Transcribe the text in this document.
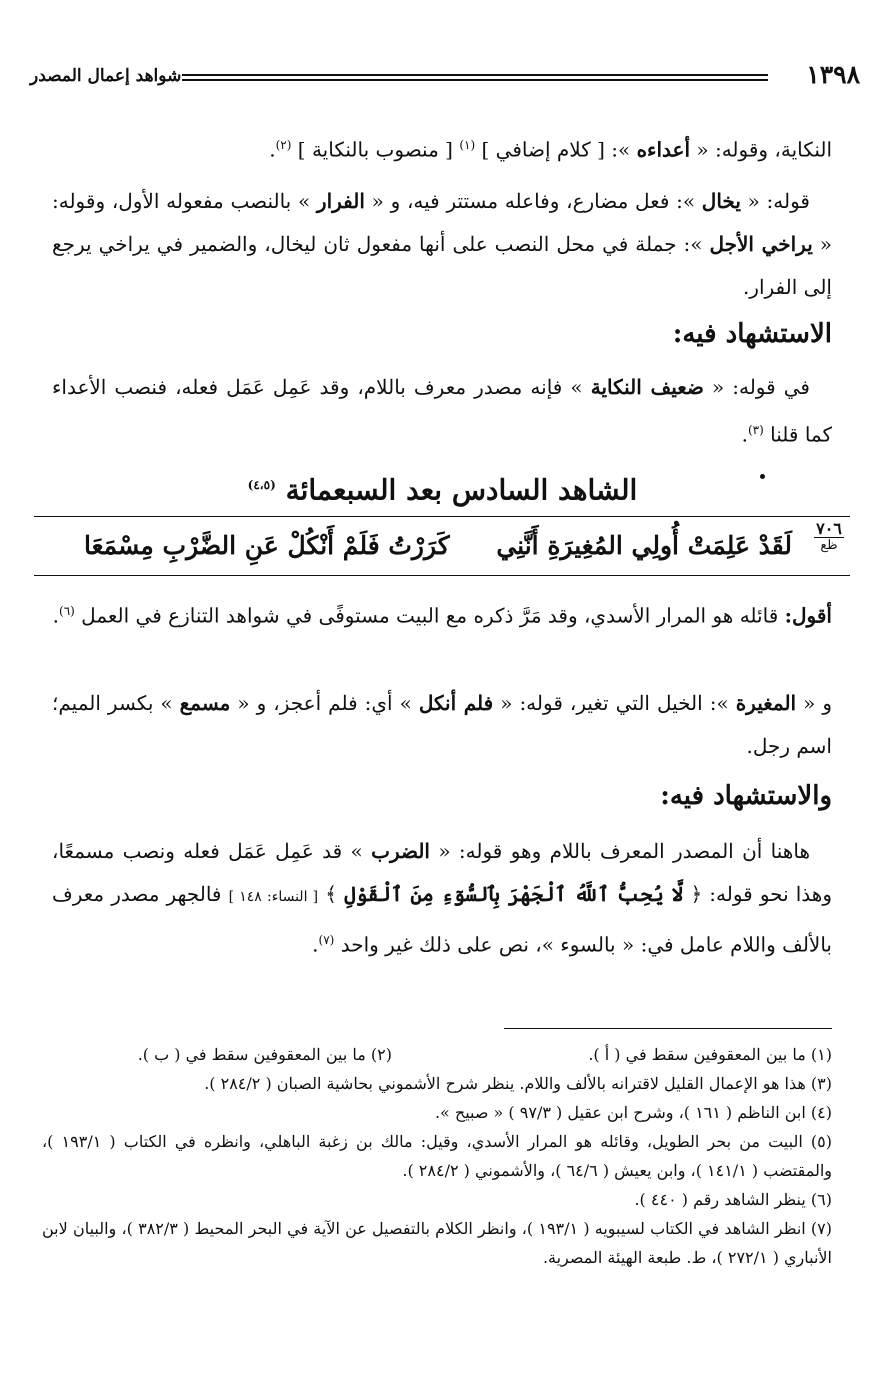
١٣٩٨
شواهد إعمال المصدر

النكاية، وقوله: « أعداءه »: [ كلام إضافي ] $^{(١)}$ [ منصوب بالنكاية ] $^{(٢)}$.

قوله: « يخال »: فعل مضارع، وفاعله مستتر فيه، و « الفرار » بالنصب مفعوله الأول، وقوله: « يراخي الأجل »: جملة في محل النصب على أنها مفعول ثان ليخال، والضمير في يراخي يرجع إلى الفرار.

الاستشهاد فيه:

في قوله: « ضعيف النكاية » فإنه مصدر معرف باللام، وقد عَمِل عَمَل فعله، فنصب الأعداء كما قلنا $^{(٣)}$.

الشاهد السادس بعد السبعمائة $^{(٤،٥)}$
٧٠٦
ظع
لَقَدْ عَلِمَتْ أُولِي المُغِيرَةِ أَنَّنِي
كَرَرْتُ فَلَمْ أَنْكُلْ عَنِ الضَّرْبِ مِسْمَعَا

أقول: قائله هو المرار الأسدي، وقد مَرَّ ذكره مع البيت مستوفًى في شواهد التنازع في العمل $^{(٦)}$.

و « المغيرة »: الخيل التي تغير، قوله: « فلم أنكل » أي: فلم أعجز، و « مسمع » بكسر الميم؛ اسم رجل.

والاستشهاد فيه:

هاهنا أن المصدر المعرف باللام وهو قوله: « الضرب » قد عَمِل عَمَل فعله ونصب مسمعًا، وهذا نحو قوله: ﴿ لَّا يُحِبُّ ٱللَّهُ ٱلْجَهْرَ بِٱلسُّوٓءِ مِنَ ٱلْقَوْلِ ﴾ [ النساء: ١٤٨ ] فالجهر مصدر معرف بالألف واللام عامل في: « بالسوء »، نص على ذلك غير واحد $^{(٧)}$.

(١) ما بين المعقوفين سقط في ( أ ).
(٢) ما بين المعقوفين سقط في ( ب ).
(٣) هذا هو الإعمال القليل لاقترانه بالألف واللام. ينظر شرح الأشموني بحاشية الصبان ( ٢٨٤/٢ ).
(٤) ابن الناظم ( ١٦١ )، وشرح ابن عقيل ( ٩٧/٣ ) « صبيح ».
(٥) البيت من بحر الطويل، وقائله هو المرار الأسدي، وقيل: مالك بن زغبة الباهلي، وانظره في الكتاب ( ١٩٣/١ )، والمقتضب ( ١٤١/١ )، وابن يعيش ( ٦٤/٦ )، والأشموني ( ٢٨٤/٢ ).
(٦) ينظر الشاهد رقم ( ٤٤٠ ).
(٧) انظر الشاهد في الكتاب لسيبويه ( ١٩٣/١ )، وانظر الكلام بالتفصيل عن الآية في البحر المحيط ( ٣٨٢/٣ )، والبيان لابن الأنباري ( ٢٧٢/١ )، ط. طبعة الهيئة المصرية.
